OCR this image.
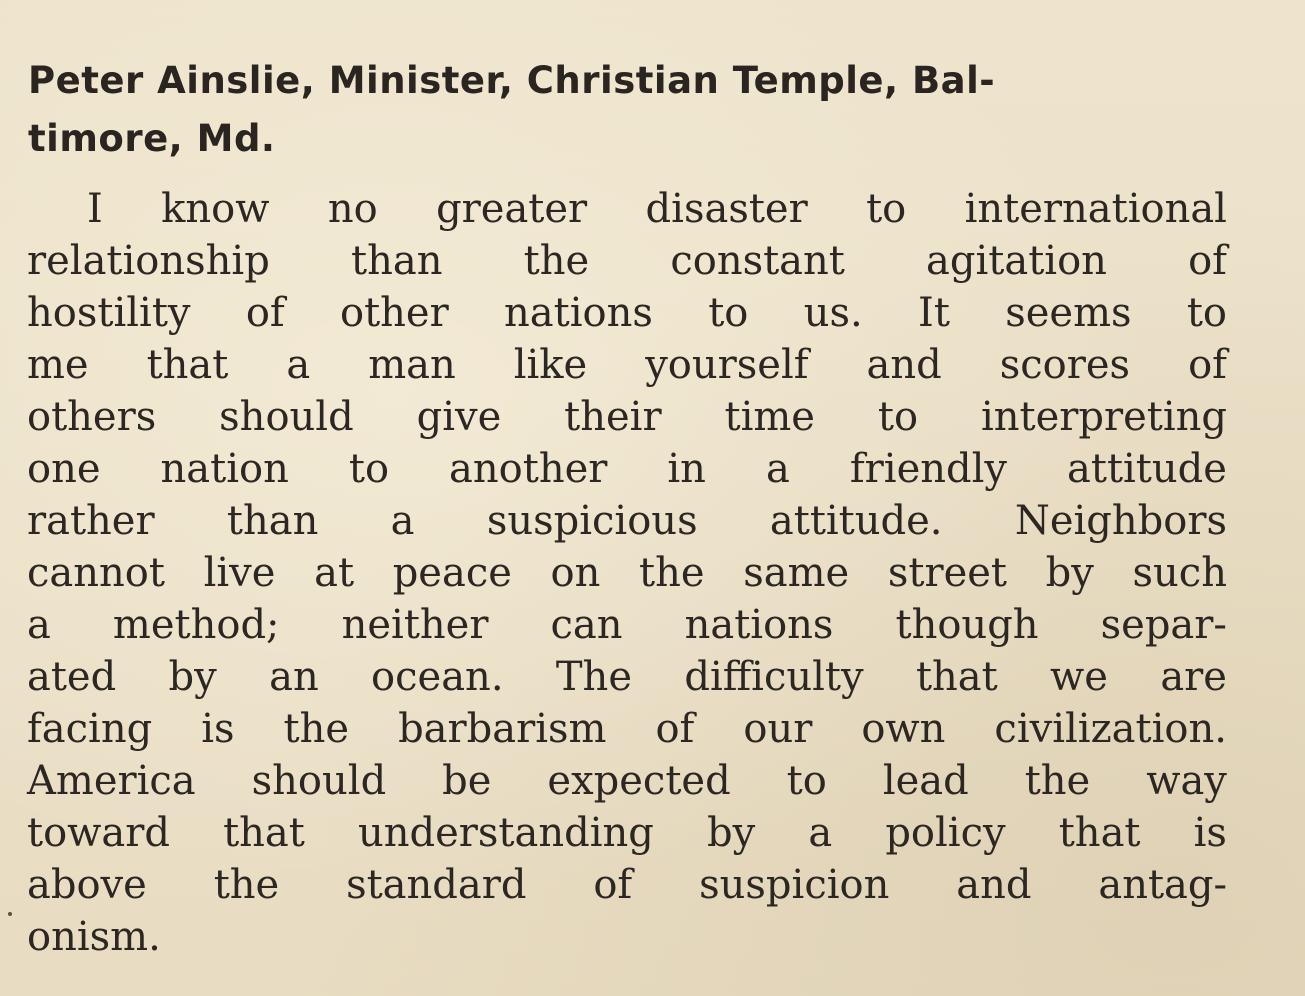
Peter Ainslie, Minister, Christian Temple, Bal-
timore, Md.
I know no greater disaster to international
relationship than the constant agitation of
hostility of other nations to us. It seems to
me that a man like yourself and scores of
others should give their time to interpreting
one nation to another in a friendly attitude
rather than a suspicious attitude. Neighbors
cannot live at peace on the same street by such
a method; neither can nations though separ-
ated by an ocean. The difficulty that we are
facing is the barbarism of our own civilization.
America should be expected to lead the way
toward that understanding by a policy that is
above the standard of suspicion and antag-
onism.
